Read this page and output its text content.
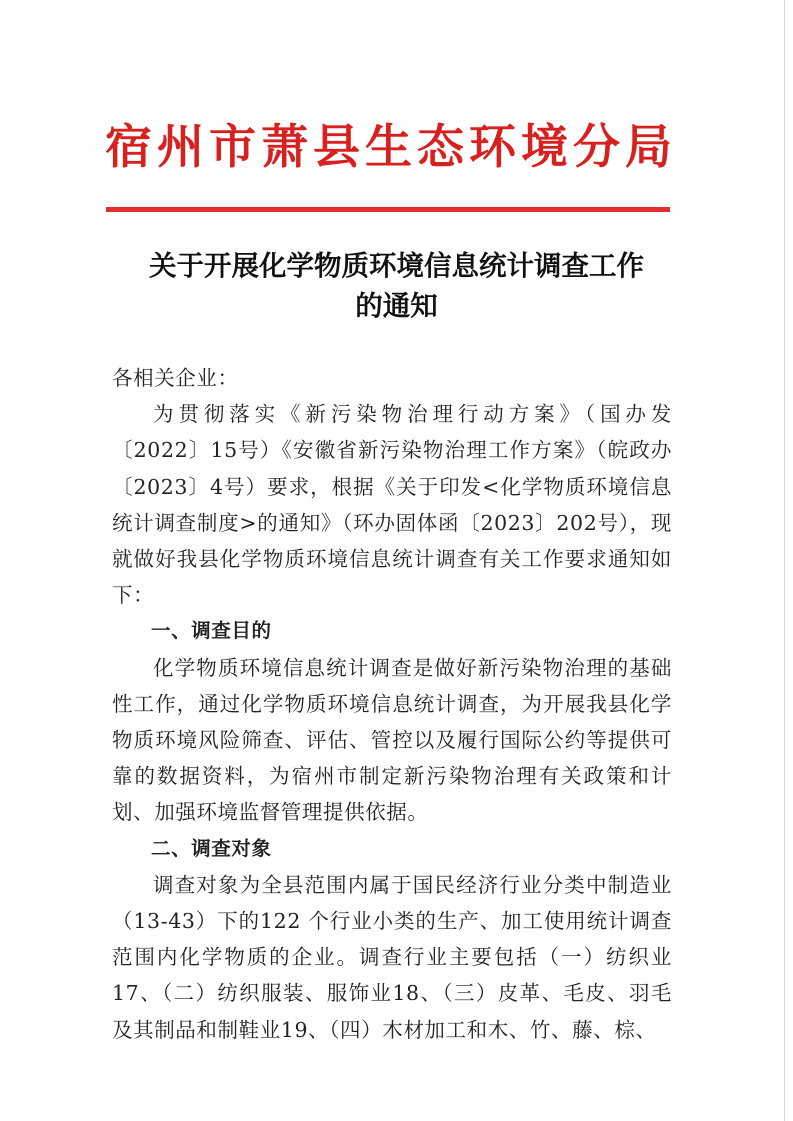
宿州市萧县生态环境分局
关于开展化学物质环境信息统计调查工作
的通知

各相关企业：

为贯彻落实《新污染物治理行动方案》（国办发〔2022〕15号）《安徽省新污染物治理工作方案》（皖政办〔2023〕4号）要求，根据《关于印发<化学物质环境信息统计调查制度>的通知》（环办固体函〔2023〕202号），现就做好我县化学物质环境信息统计调查有关工作要求通知如下：

一、调查目的

化学物质环境信息统计调查是做好新污染物治理的基础性工作，通过化学物质环境信息统计调查，为开展我县化学物质环境风险筛查、评估、管控以及履行国际公约等提供可靠的数据资料，为宿州市制定新污染物治理有关政策和计划、加强环境监督管理提供依据。

二、调查对象

调查对象为全县范围内属于国民经济行业分类中制造业（13-43）下的122 个行业小类的生产、加工使用统计调查范围内化学物质的企业。调查行业主要包括（一）纺织业17、（二）纺织服装、服饰业18、（三）皮革、毛皮、羽毛及其制品和制鞋业19、（四）木材加工和木、竹、藤、棕、
